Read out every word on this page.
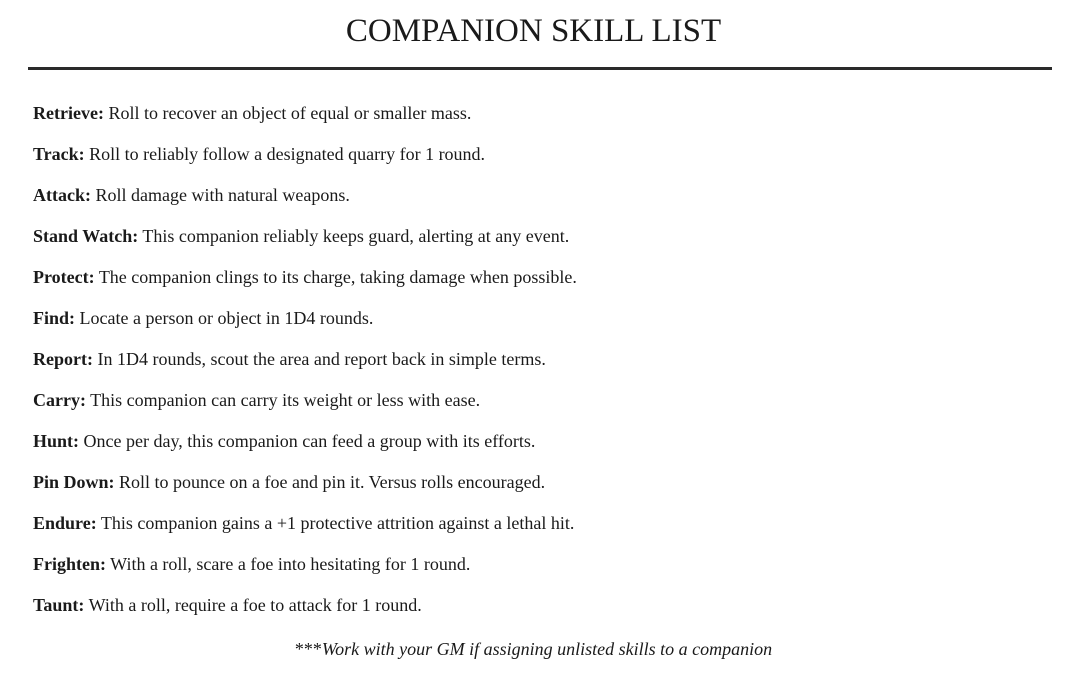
COMPANION SKILL LIST
Retrieve: Roll to recover an object of equal or smaller mass.
Track: Roll to reliably follow a designated quarry for 1 round.
Attack: Roll damage with natural weapons.
Stand Watch: This companion reliably keeps guard, alerting at any event.
Protect: The companion clings to its charge, taking damage when possible.
Find: Locate a person or object in 1D4 rounds.
Report: In 1D4 rounds, scout the area and report back in simple terms.
Carry: This companion can carry its weight or less with ease.
Hunt: Once per day, this companion can feed a group with its efforts.
Pin Down: Roll to pounce on a foe and pin it. Versus rolls encouraged.
Endure: This companion gains a +1 protective attrition against a lethal hit.
Frighten: With a roll, scare a foe into hesitating for 1 round.
Taunt: With a roll, require a foe to attack for 1 round.
***Work with your GM if assigning unlisted skills to a companion
